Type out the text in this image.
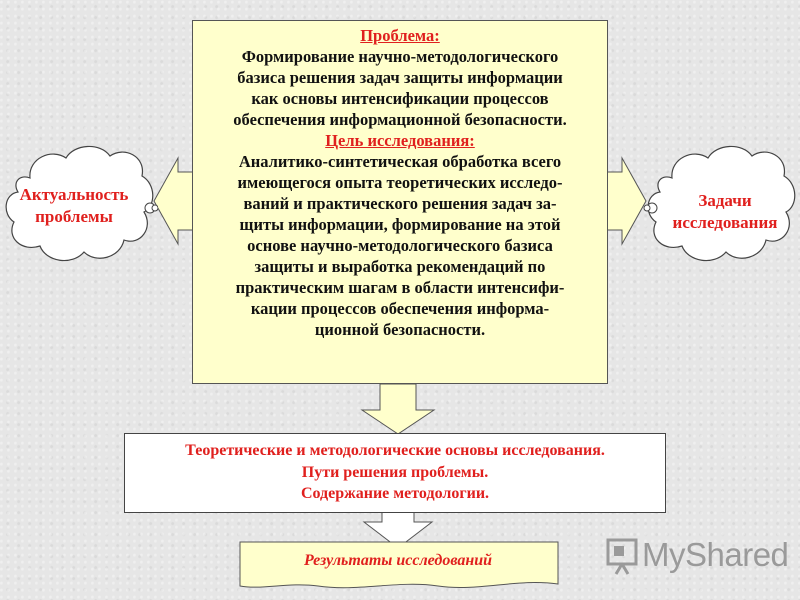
Актуальность
проблемы
Задачи
исследования
Проблема:
Формирование научно-методологического
базиса решения задач защиты информации
как основы интенсификации процессов
обеспечения информационной безопасности.
Цель исследования:
Аналитико-синтетическая обработка всего
имеющегося опыта теоретических исследо-
ваний и практического решения задач за-
щиты информации, формирование на этой
основе научно-методологического базиса
защиты и выработка рекомендаций по
практическим шагам в области интенсифи-
кации процессов обеспечения информа-
ционной безопасности.
Теоретические и методологические основы исследования.
Пути решения проблемы.
Содержание методологии.
Результаты исследований	MyShared
